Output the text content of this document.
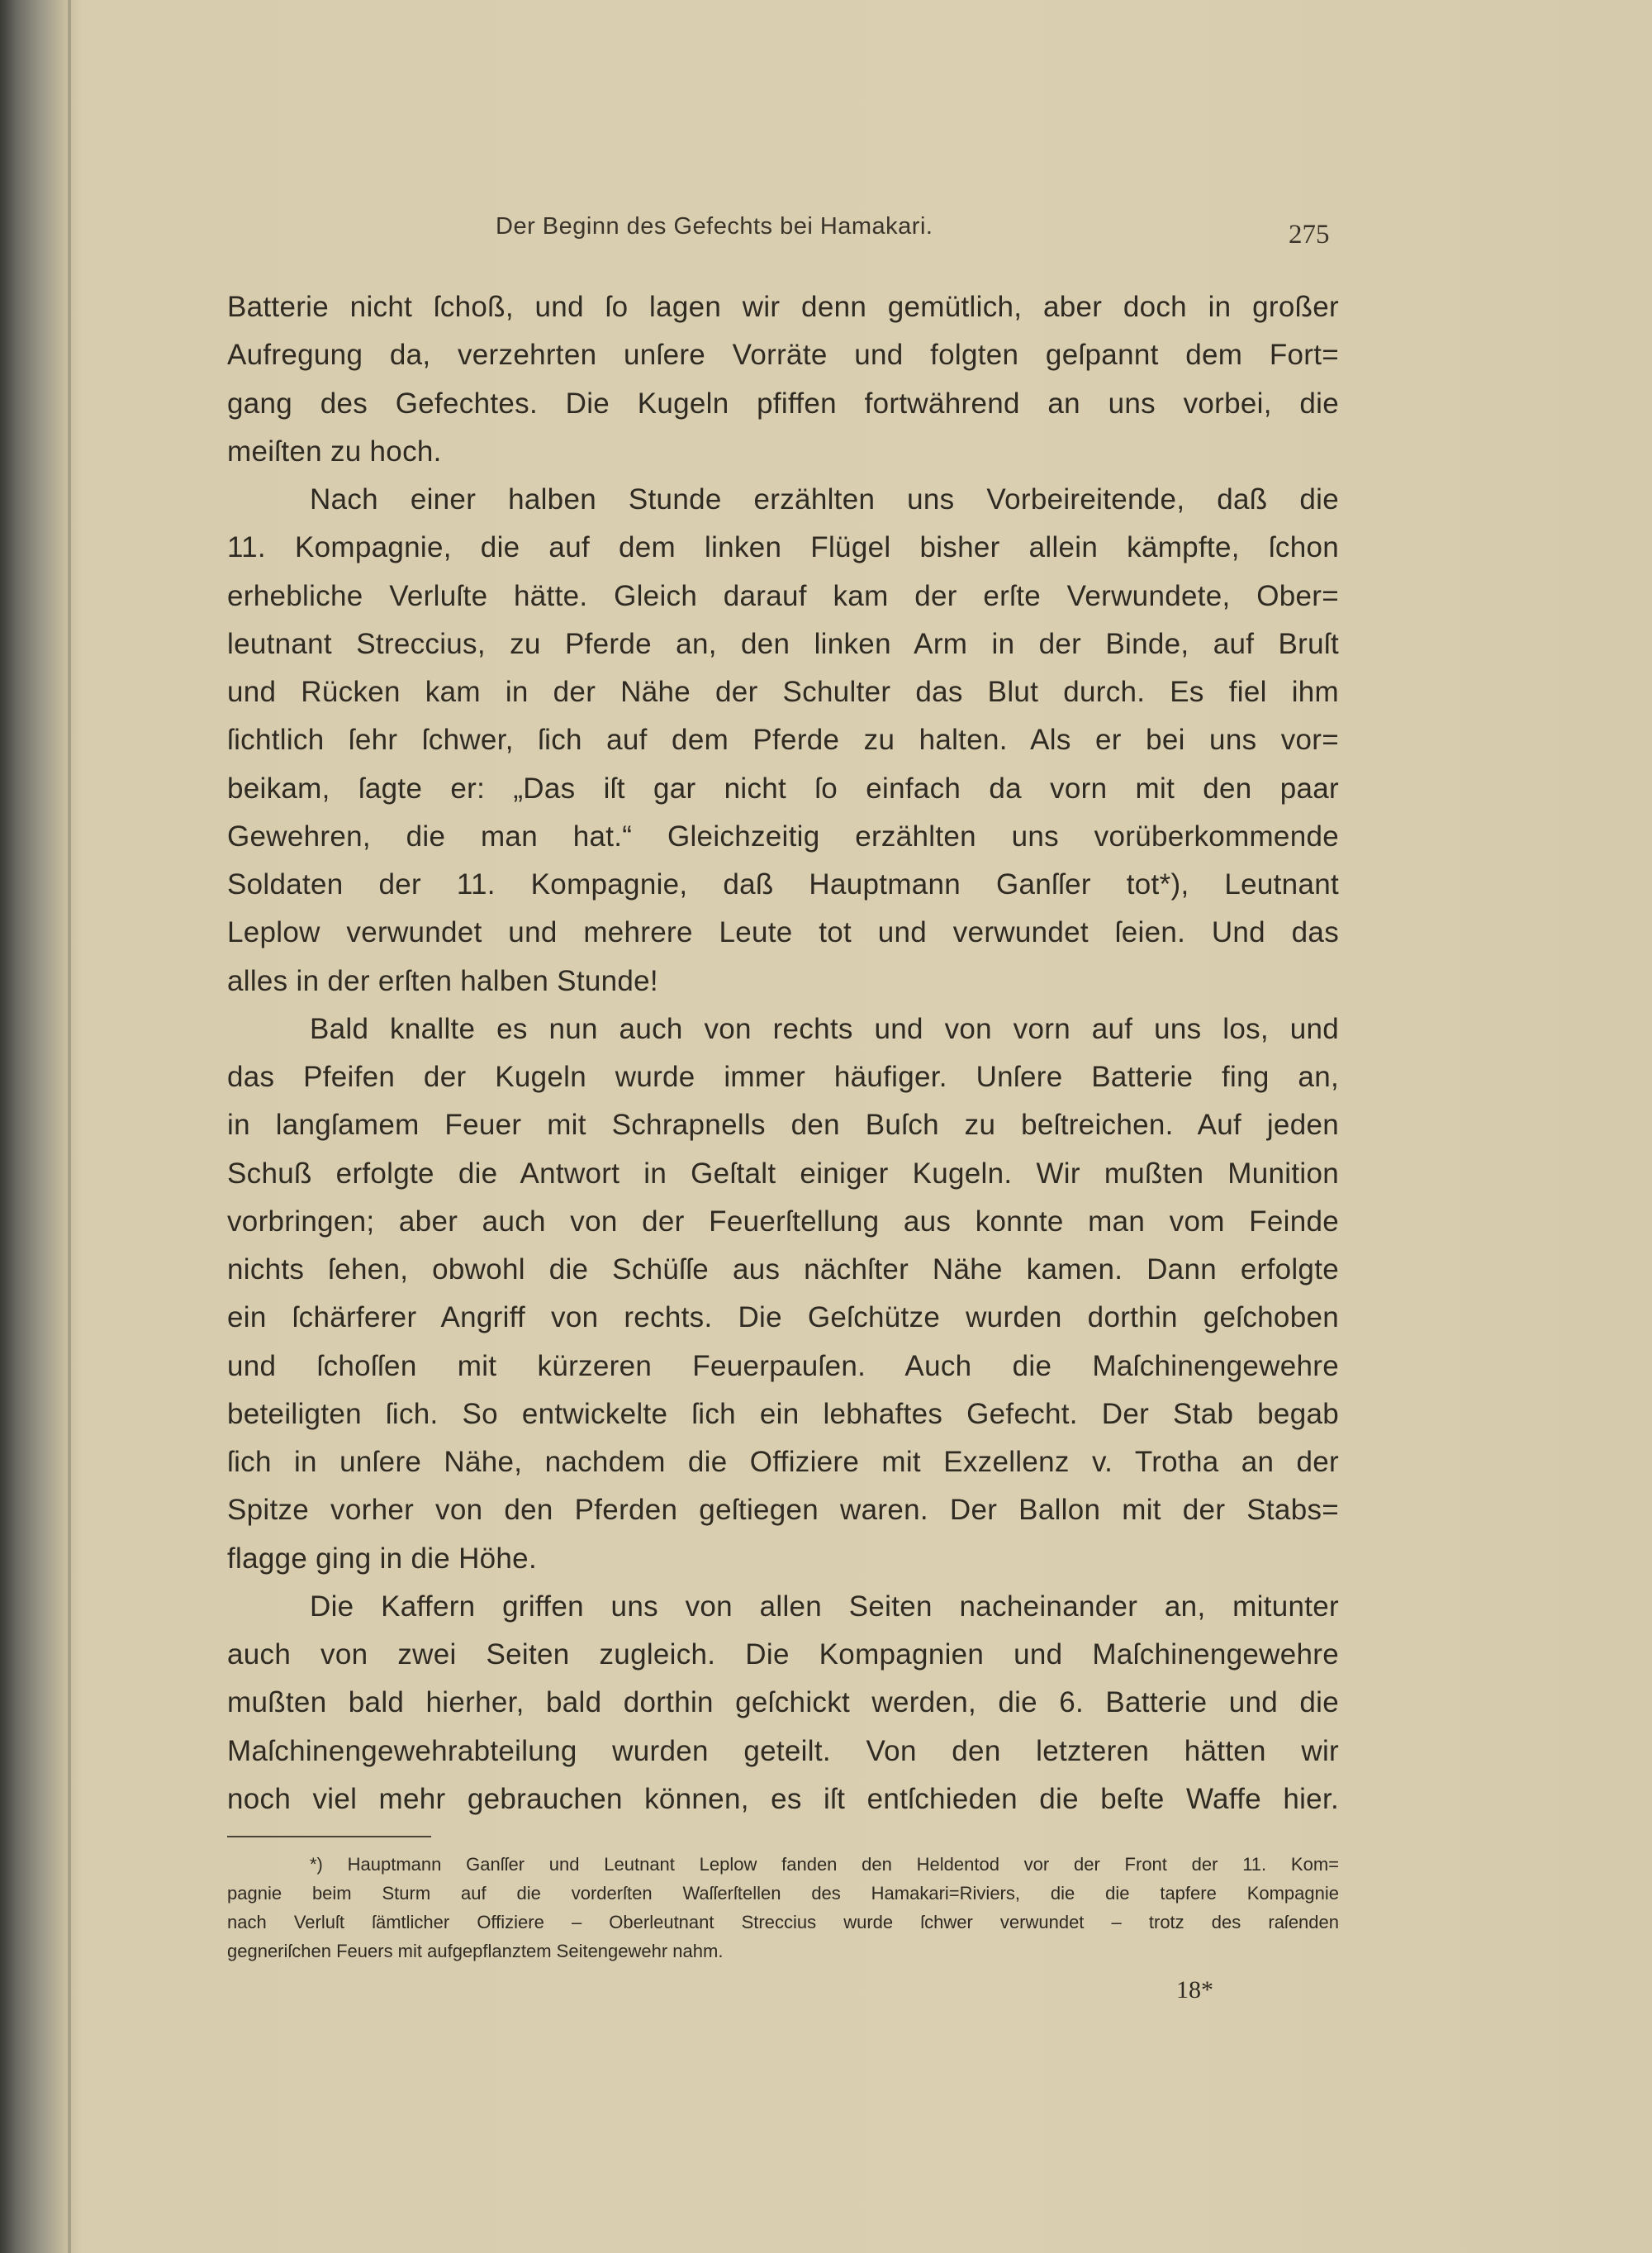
Der Beginn des Gefechts bei Hamakari.	275
Batterie nicht ſchoß, und ſo lagen wir denn gemütlich, aber doch in großer
Aufregung da, verzehrten unſere Vorräte und folgten geſpannt dem Fort=
gang des Gefechtes. Die Kugeln pfiffen fortwährend an uns vorbei, die
meiſten zu hoch.
Nach einer halben Stunde erzählten uns Vorbeireitende, daß die
11. Kompagnie, die auf dem linken Flügel bisher allein kämpfte, ſchon
erhebliche Verluſte hätte. Gleich darauf kam der erſte Verwundete, Ober=
leutnant Streccius, zu Pferde an, den linken Arm in der Binde, auf Bruſt
und Rücken kam in der Nähe der Schulter das Blut durch. Es fiel ihm
ſichtlich ſehr ſchwer, ſich auf dem Pferde zu halten. Als er bei uns vor=
beikam, ſagte er: „Das iſt gar nicht ſo einfach da vorn mit den paar
Gewehren, die man hat.“ Gleichzeitig erzählten uns vorüberkommende
Soldaten der 11. Kompagnie, daß Hauptmann Ganſſer tot*), Leutnant
Leplow verwundet und mehrere Leute tot und verwundet ſeien. Und das
alles in der erſten halben Stunde!
Bald knallte es nun auch von rechts und von vorn auf uns los, und
das Pfeifen der Kugeln wurde immer häufiger. Unſere Batterie fing an,
in langſamem Feuer mit Schrapnells den Buſch zu beſtreichen. Auf jeden
Schuß erfolgte die Antwort in Geſtalt einiger Kugeln. Wir mußten Munition
vorbringen; aber auch von der Feuerſtellung aus konnte man vom Feinde
nichts ſehen, obwohl die Schüſſe aus nächſter Nähe kamen. Dann erfolgte
ein ſchärferer Angriff von rechts. Die Geſchütze wurden dorthin geſchoben
und ſchoſſen mit kürzeren Feuerpauſen. Auch die Maſchinengewehre
beteiligten ſich. So entwickelte ſich ein lebhaftes Gefecht. Der Stab begab
ſich in unſere Nähe, nachdem die Offiziere mit Exzellenz v. Trotha an der
Spitze vorher von den Pferden geſtiegen waren. Der Ballon mit der Stabs=
flagge ging in die Höhe.
Die Kaffern griffen uns von allen Seiten nacheinander an, mitunter
auch von zwei Seiten zugleich. Die Kompagnien und Maſchinengewehre
mußten bald hierher, bald dorthin geſchickt werden, die 6. Batterie und die
Maſchinengewehrabteilung wurden geteilt. Von den letzteren hätten wir
noch viel mehr gebrauchen können, es iſt entſchieden die beſte Waffe hier.
*) Hauptmann Ganſſer und Leutnant Leplow fanden den Heldentod vor der Front der 11. Kom=
pagnie beim Sturm auf die vorderſten Waſſerſtellen des Hamakari=Riviers, die die tapfere Kompagnie
nach Verluſt ſämtlicher Offiziere – Oberleutnant Streccius wurde ſchwer verwundet – trotz des raſenden
gegneriſchen Feuers mit aufgepflanztem Seitengewehr nahm.
18*
